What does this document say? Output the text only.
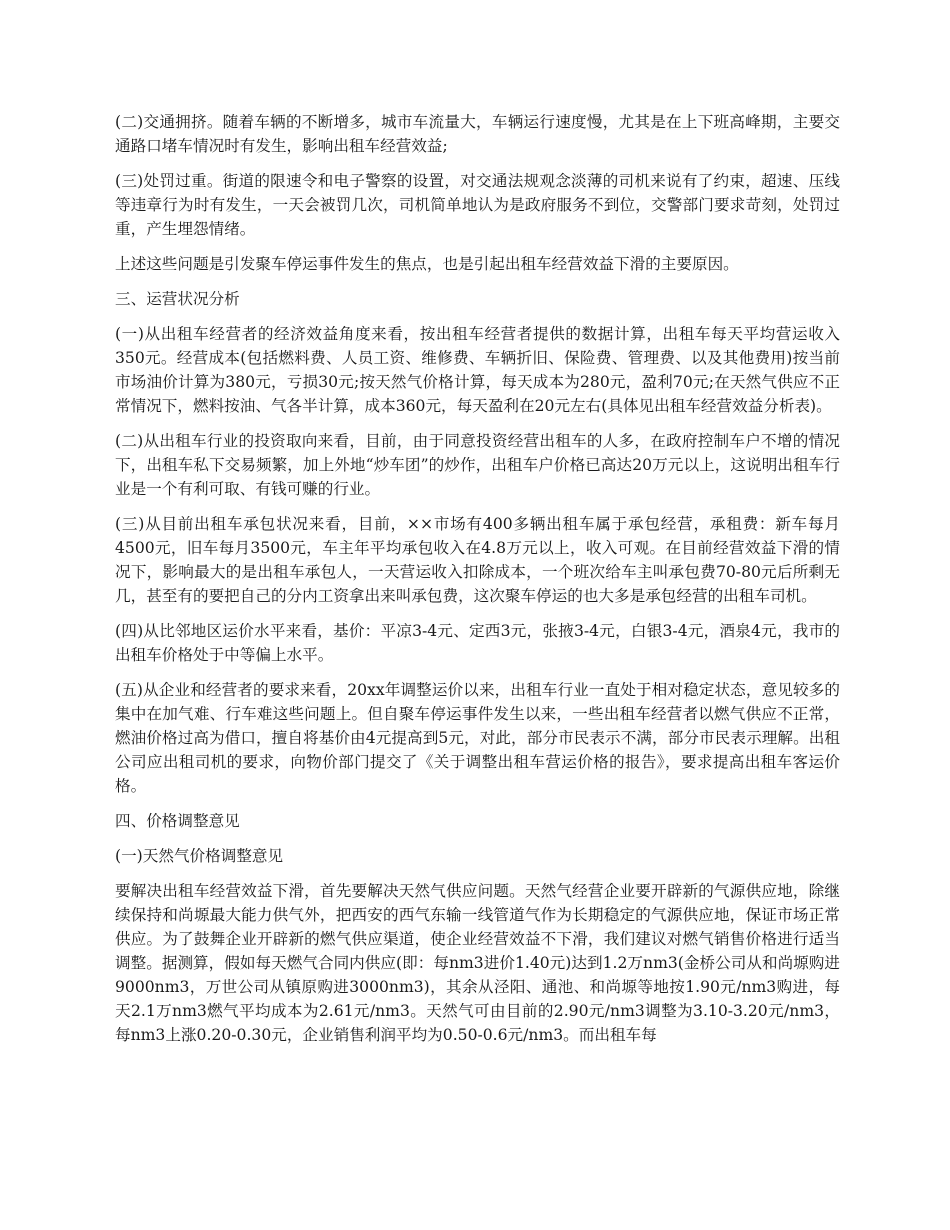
(二)交通拥挤。随着车辆的不断增多，城市车流量大，车辆运行速度慢，尤其是在上下班高峰期，主要交通路口堵车情况时有发生，影响出租车经营效益;

(三)处罚过重。街道的限速令和电子警察的设置，对交通法规观念淡薄的司机来说有了约束，超速、压线等违章行为时有发生，一天会被罚几次，司机简单地认为是政府服务不到位，交警部门要求苛刻，处罚过重，产生埋怨情绪。

上述这些问题是引发聚车停运事件发生的焦点，也是引起出租车经营效益下滑的主要原因。

三、运营状况分析

(一)从出租车经营者的经济效益角度来看，按出租车经营者提供的数据计算，出租车每天平均营运收入350元。经营成本(包括燃料费、人员工资、维修费、车辆折旧、保险费、管理费、以及其他费用)按当前市场油价计算为380元，亏损30元;按天然气价格计算，每天成本为280元，盈利70元;在天然气供应不正常情况下，燃料按油、气各半计算，成本360元，每天盈利在20元左右(具体见出租车经营效益分析表)。

(二)从出租车行业的投资取向来看，目前，由于同意投资经营出租车的人多，在政府控制车户不增的情况下，出租车私下交易频繁，加上外地“炒车团”的炒作，出租车户价格已高达20万元以上，这说明出租车行业是一个有利可取、有钱可赚的行业。

(三)从目前出租车承包状况来看，目前，××市场有400多辆出租车属于承包经营，承租费：新车每月4500元，旧车每月3500元，车主年平均承包收入在4.8万元以上，收入可观。在目前经营效益下滑的情况下，影响最大的是出租车承包人，一天营运收入扣除成本，一个班次给车主叫承包费70-80元后所剩无几，甚至有的要把自己的分内工资拿出来叫承包费，这次聚车停运的也大多是承包经营的出租车司机。

(四)从比邻地区运价水平来看，基价：平凉3-4元、定西3元，张掖3-4元，白银3-4元，酒泉4元，我市的出租车价格处于中等偏上水平。

(五)从企业和经营者的要求来看，20xx年调整运价以来，出租车行业一直处于相对稳定状态，意见较多的集中在加气难、行车难这些问题上。但自聚车停运事件发生以来，一些出租车经营者以燃气供应不正常，燃油价格过高为借口，擅自将基价由4元提高到5元，对此，部分市民表示不满，部分市民表示理解。出租公司应出租司机的要求，向物价部门提交了《关于调整出租车营运价格的报告》，要求提高出租车客运价格。

四、价格调整意见

(一)天然气价格调整意见

要解决出租车经营效益下滑，首先要解决天然气供应问题。天然气经营企业要开辟新的气源供应地，除继续保持和尚塬最大能力供气外，把西安的西气东输一线管道气作为长期稳定的气源供应地，保证市场正常供应。为了鼓舞企业开辟新的燃气供应渠道，使企业经营效益不下滑，我们建议对燃气销售价格进行适当调整。据测算，假如每天燃气合同内供应(即：每nm3进价1.40元)达到1.2万nm3(金桥公司从和尚塬购进9000nm3，万世公司从镇原购进3000nm3)，其余从泾阳、通池、和尚塬等地按1.90元/nm3购进，每天2.1万nm3燃气平均成本为2.61元/nm3。天然气可由目前的2.90元/nm3调整为3.10-3.20元/nm3，每nm3上涨0.20-0.30元，企业销售利润平均为0.50-0.6元/nm3。而出租车每
